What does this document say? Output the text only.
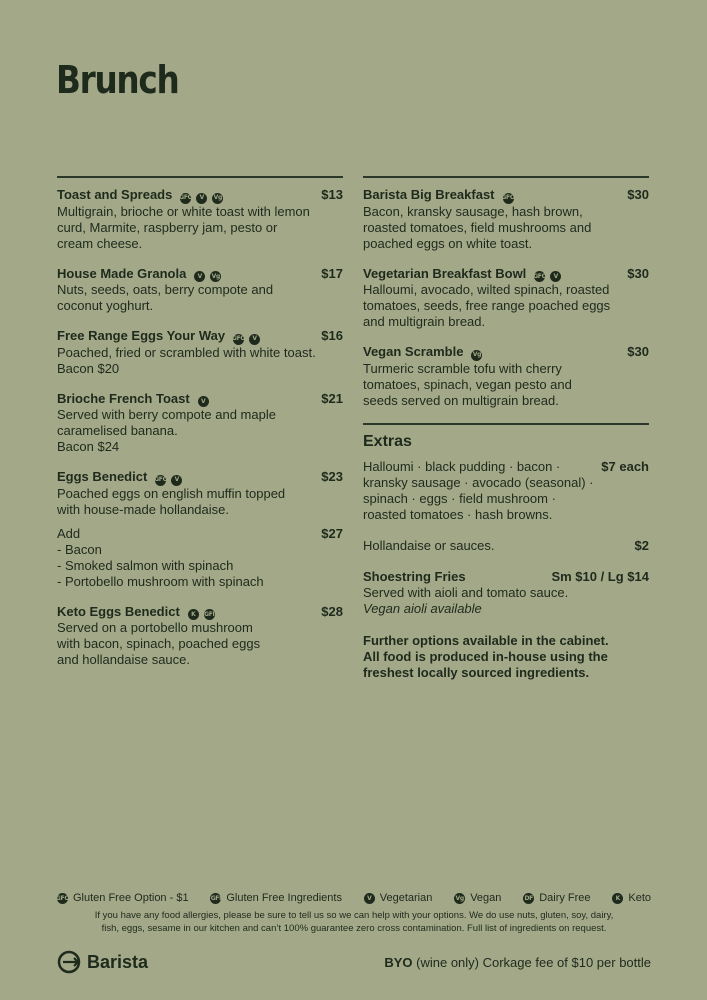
Brunch
Toast and Spreads	GFO V Vg	$13
Multigrain, brioche or white toast with lemon
curd, Marmite, raspberry jam, pesto or
cream cheese.
House Made Granola	V Vg	$17
Nuts, seeds, oats, berry compote and
coconut yoghurt.
Free Range Eggs Your Way	GFO V	$16
Poached, fried or scrambled with white toast.
Bacon $20
Brioche French Toast	V	$21
Served with berry compote and maple
caramelised banana.
Bacon $24
Eggs Benedict	GFO V	$23
Poached eggs on english muffin topped
with house-made hollandaise.
Add	$27
- Bacon
- Smoked salmon with spinach
- Portobello mushroom with spinach
Keto Eggs Benedict	K GFI	$28
Served on a portobello mushroom
with bacon, spinach, poached eggs
and hollandaise sauce.
Barista Big Breakfast	GFO	$30
Bacon, kransky sausage, hash brown,
roasted tomatoes, field mushrooms and
poached eggs on white toast.
Vegetarian Breakfast Bowl	GFO V	$30
Halloumi, avocado, wilted spinach, roasted
tomatoes, seeds, free range poached eggs
and multigrain bread.
Vegan Scramble	Vg	$30
Turmeric scramble tofu with cherry
tomatoes, spinach, vegan pesto and
seeds served on multigrain bread.
Extras
$7 each
Halloumi · black pudding · bacon ·
kransky sausage · avocado (seasonal) ·
spinach · eggs · field mushroom ·
roasted tomatoes · hash browns.
Hollandaise or sauces.	$2
Shoestring Fries	Sm $10 / Lg $14
Served with aioli and tomato sauce.
Vegan aioli available
Further options available in the cabinet.
All food is produced in-house using the
freshest locally sourced ingredients.
GFO Gluten Free Option - $1	GFI Gluten Free Ingredients	V Vegetarian	Vg Vegan	DF Dairy Free	K Keto
If you have any food allergies, please be sure to tell us so we can help with your options. We do use nuts, gluten, soy, dairy,
fish, eggs, sesame in our kitchen and can’t 100% guarantee zero cross contamination. Full list of ingredients on request.
Barista	BYO (wine only) Corkage fee of $10 per bottle
